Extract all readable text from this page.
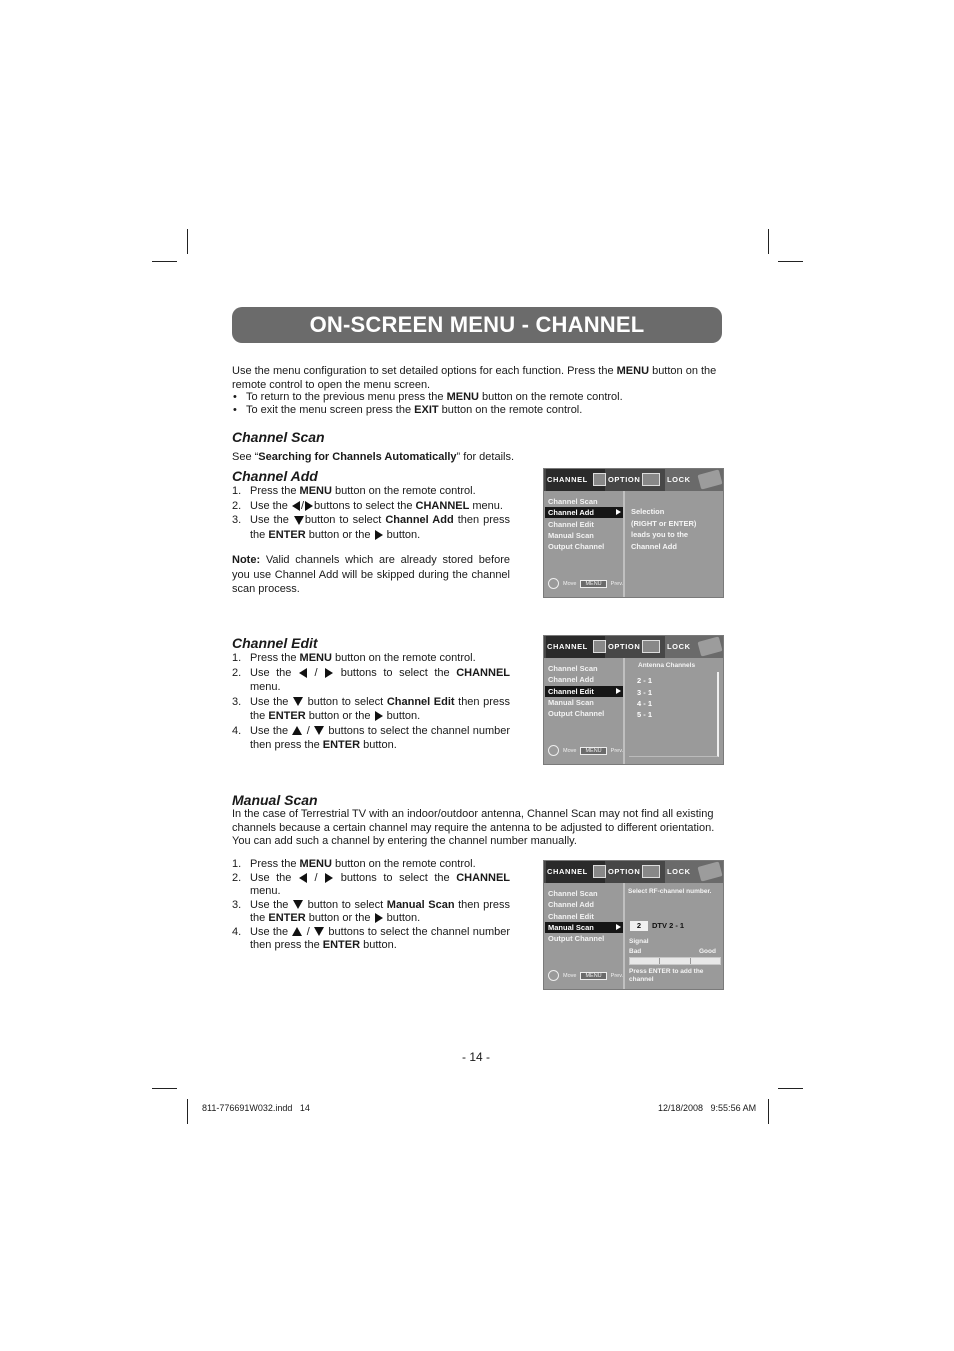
ON-SCREEN MENU - CHANNEL
Use the menu configuration to set detailed options for each function. Press the MENU button on the remote control to open the menu screen.
• To return to the previous menu press the MENU button on the remote control.
• To exit the menu screen press the EXIT button on the remote control.
Channel Scan
See “Searching for Channels Automatically” for details.
Channel Add
1. Press the MENU button on the remote control.
2. Use the / buttons to select the CHANNEL menu.
3. Use the button to select Channel Add then press the ENTER button or the  button.
Note: Valid channels which are already stored before you use Channel Add will be skipped during the channel scan process.
CHANNEL	OPTION	LOCK
Channel Scan
Channel Add
Channel Edit
Manual Scan
Output Channel
Move	MENU	Prev.
Selection
(RIGHT or ENTER)
leads you to the
Channel Add
Channel Edit
1. Press the MENU button on the remote control.
2. Use the  /  buttons to select the CHANNEL menu.
3. Use the  button to select Channel Edit then press the ENTER button or the  button.
4. Use the  /  buttons to select the channel number then press the ENTER button.
CHANNEL	OPTION	LOCK
Channel Scan
Channel Add
Channel Edit
Manual Scan
Output Channel
Move	MENU	Prev.
Antenna Channels
2 - 1
3 - 1
4 - 1
5 - 1
Manual Scan
In the case of Terrestrial TV with an indoor/outdoor antenna, Channel Scan may not find all existing channels because a certain channel may require the antenna to be adjusted to different orientation. You can add such a channel by entering the channel number manually.
1. Press the MENU button on the remote control.
2. Use the  /  buttons to select the CHANNEL menu.
3. Use the  button to select Manual Scan then press the ENTER button or the  button.
4. Use the  /  buttons to select the channel number then press the ENTER button.
CHANNEL	OPTION	LOCK
Channel Scan
Channel Add
Channel Edit
Manual Scan
Output Channel
Move	MENU	Prev.
Select RF-channel number.
2	DTV 2 - 1
Signal
Bad	Good
Press ENTER to add the channel
- 14 -
811-776691W032.indd   14	12/18/2008   9:55:56 AM
